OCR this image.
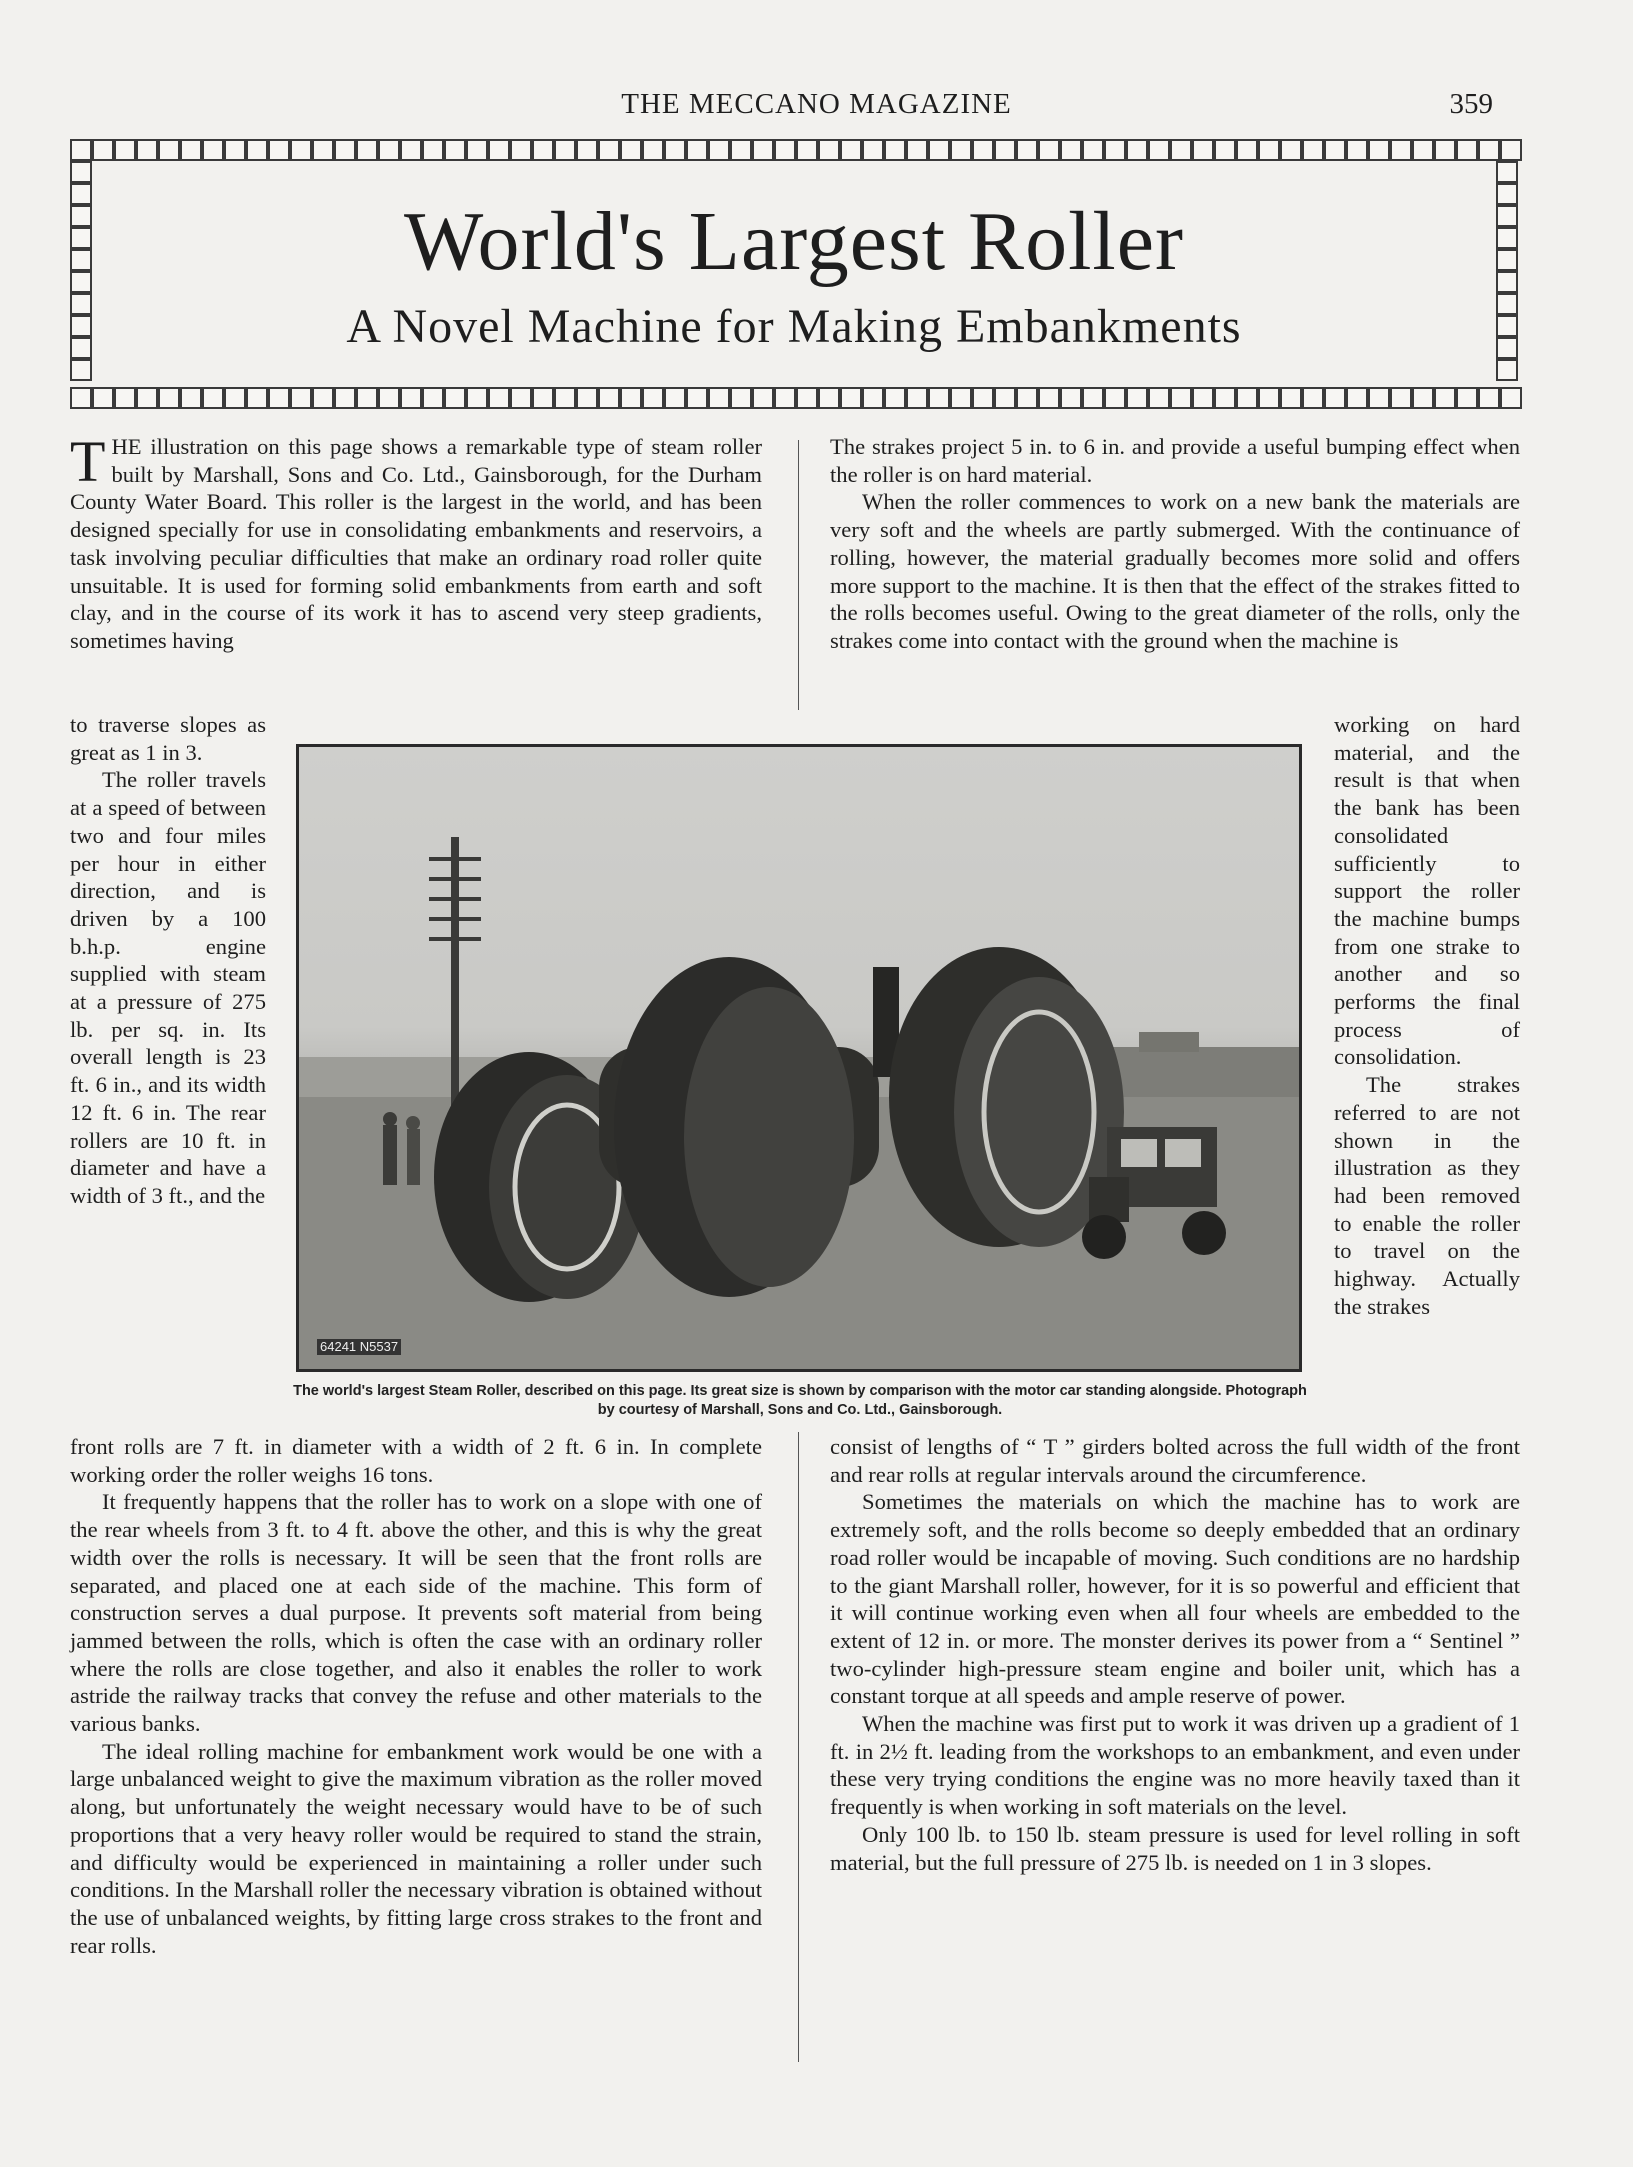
THE MECCANO MAGAZINE	359
World's Largest Roller
A Novel Machine for Making Embankments

THE illustration on this page shows a remarkable type of steam roller built by Marshall, Sons and Co. Ltd., Gainsborough, for the Durham County Water Board. This roller is the largest in the world, and has been designed specially for use in consolidating embankments and reservoirs, a task involving peculiar difficulties that make an ordinary road roller quite unsuitable. It is used for forming solid embankments from earth and soft clay, and in the course of its work it has to ascend very steep gradients, sometimes having

to traverse slopes as great as 1 in 3.

The roller travels at a speed of between two and four miles per hour in either direction, and is driven by a 100 b.h.p. engine supplied with steam at a pressure of 275 lb. per sq. in. Its overall length is 23 ft. 6 in., and its width 12 ft. 6 in. The rear rollers are 10 ft. in diameter and have a width of 3 ft., and the

front rolls are 7 ft. in diameter with a width of 2 ft. 6 in. In complete working order the roller weighs 16 tons.

It frequently happens that the roller has to work on a slope with one of the rear wheels from 3 ft. to 4 ft. above the other, and this is why the great width over the rolls is necessary. It will be seen that the front rolls are separated, and placed one at each side of the machine. This form of construction serves a dual purpose. It prevents soft material from being jammed between the rolls, which is often the case with an ordinary roller where the rolls are close together, and also it enables the roller to work astride the railway tracks that convey the refuse and other materials to the various banks.

The ideal rolling machine for embankment work would be one with a large unbalanced weight to give the maximum vibration as the roller moved along, but unfortunately the weight necessary would have to be of such proportions that a very heavy roller would be required to stand the strain, and difficulty would be experienced in maintaining a roller under such conditions. In the Marshall roller the necessary vibration is obtained without the use of unbalanced weights, by fitting large cross strakes to the front and rear rolls.

The strakes project 5 in. to 6 in. and provide a useful bumping effect when the roller is on hard material.

When the roller commences to work on a new bank the materials are very soft and the wheels are partly submerged. With the continuance of rolling, however, the material gradually becomes more solid and offers more support to the machine. It is then that the effect of the strakes fitted to the rolls becomes useful. Owing to the great diameter of the rolls, only the strakes come into contact with the ground when the machine is

working on hard material, and the result is that when the bank has been consolidated sufficiently to support the roller the machine bumps from one strake to another and so performs the final process of consolidation.

The strakes referred to are not shown in the illustration as they had been removed to enable the roller to travel on the highway. Actually the strakes

consist of lengths of “ T ” girders bolted across the full width of the front and rear rolls at regular intervals around the circumference.

Sometimes the materials on which the machine has to work are extremely soft, and the rolls become so deeply embedded that an ordinary road roller would be incapable of moving. Such conditions are no hardship to the giant Marshall roller, however, for it is so powerful and efficient that it will continue working even when all four wheels are embedded to the extent of 12 in. or more. The monster derives its power from a “ Sentinel ” two-cylinder high-pressure steam engine and boiler unit, which has a constant torque at all speeds and ample reserve of power.

When the machine was first put to work it was driven up a gradient of 1 ft. in 2½ ft. leading from the workshops to an embankment, and even under these very trying conditions the engine was no more heavily taxed than it frequently is when working in soft materials on the level.

Only 100 lb. to 150 lb. steam pressure is used for level rolling in soft material, but the full pressure of 275 lb. is needed on 1 in 3 slopes.

64241 N5537
The world's largest Steam Roller, described on this page. Its great size is shown by comparison with the motor car standing alongside. Photograph by courtesy of Marshall, Sons and Co. Ltd., Gainsborough.
